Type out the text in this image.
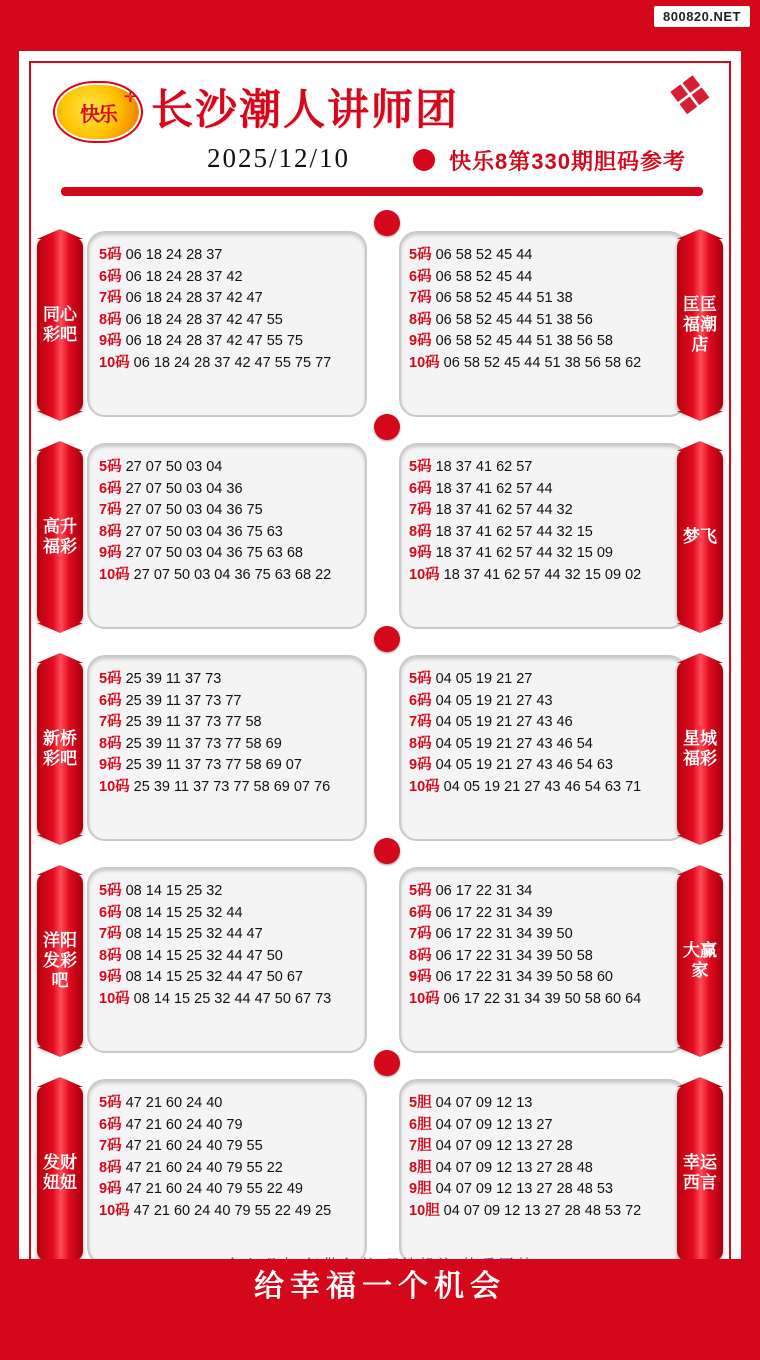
800820.NET
快乐
✛ 长沙潮人讲师团	❖
2025/12/10	快乐8第330期胆码参考
同心彩吧
5码 06 18 24 28 37
6码 06 18 24 28 37 42
7码 06 18 24 28 37 42 47
8码 06 18 24 28 37 42 47 55
9码 06 18 24 28 37 42 47 55 75
10码 06 18 24 28 37 42 47 55 75 77
5码 06 58 52 45 44
6码 06 58 52 45 44
7码 06 58 52 45 44 51 38
8码 06 58 52 45 44 51 38 56
9码 06 58 52 45 44 51 38 56 58
10码 06 58 52 45 44 51 38 56 58 62
匡匡福潮店
高升福彩
5码 27 07 50 03 04
6码 27 07 50 03 04 36
7码 27 07 50 03 04 36 75
8码 27 07 50 03 04 36 75 63
9码 27 07 50 03 04 36 75 63 68
10码 27 07 50 03 04 36 75 63 68 22
5码 18 37 41 62 57
6码 18 37 41 62 57 44
7码 18 37 41 62 57 44 32
8码 18 37 41 62 57 44 32 15
9码 18 37 41 62 57 44 32 15 09
10码 18 37 41 62 57 44 32 15 09 02
梦飞
新桥彩吧
5码 25 39 11 37 73
6码 25 39 11 37 73 77
7码 25 39 11 37 73 77 58
8码 25 39 11 37 73 77 58 69
9码 25 39 11 37 73 77 58 69 07
10码 25 39 11 37 73 77 58 69 07 76
5码 04 05 19 21 27
6码 04 05 19 21 27 43
7码 04 05 19 21 27 43 46
8码 04 05 19 21 27 43 46 54
9码 04 05 19 21 27 43 46 54 63
10码 04 05 19 21 27 43 46 54 63 71
星城福彩
洋阳发彩吧
5码 08 14 15 25 32
6码 08 14 15 25 32 44
7码 08 14 15 25 32 44 47
8码 08 14 15 25 32 44 47 50
9码 08 14 15 25 32 44 47 50 67
10码 08 14 15 25 32 44 47 50 67 73
5码 06 17 22 31 34
6码 06 17 22 31 34 39
7码 06 17 22 31 34 39 50
8码 06 17 22 31 34 39 50 58
9码 06 17 22 31 34 39 50 58 60
10码 06 17 22 31 34 39 50 58 60 64
大赢家
发财妞妞
5码 47 21 60 24 40
6码 47 21 60 24 40 79
7码 47 21 60 24 40 79 55
8码 47 21 60 24 40 79 55 22
9码 47 21 60 24 40 79 55 22 49
10码 47 21 60 24 40 79 55 22 49 25
5胆 04 07 09 12 13
6胆 04 07 09 12 13 27
7胆 04 07 09 12 13 27 28
8胆 04 07 09 12 13 27 28 48
9胆 04 07 09 12 13 27 28 48 53
10胆 04 07 09 12 13 27 28 48 53 72
幸运西言
给幸福一个机会
